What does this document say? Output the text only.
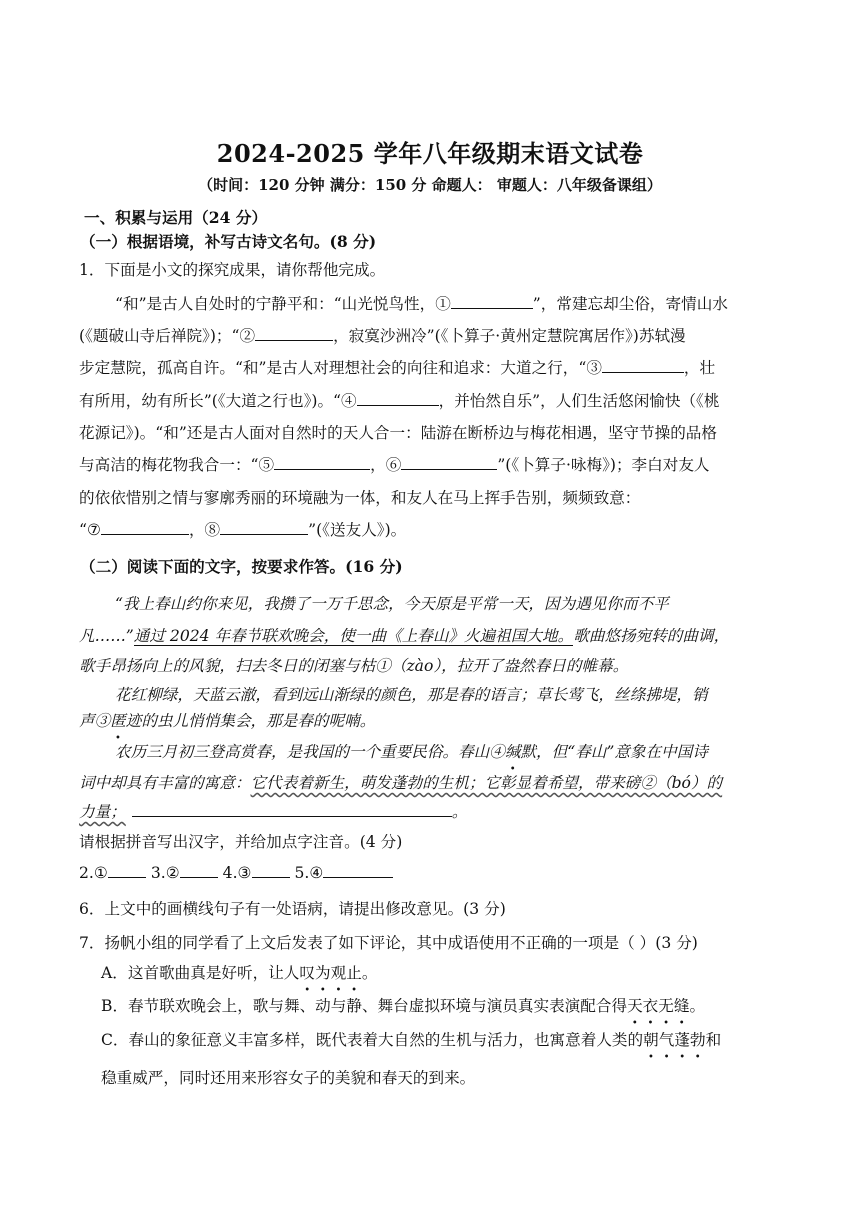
2024-2025 学年八年级期末语文试卷
（时间：120 分钟 满分：150 分 命题人： 审题人：八年级备课组）
一、积累与运用（24 分）
（一）根据语境，补写古诗文名句。(8 分)
1．下面是小文的探究成果，请你帮他完成。
“和”是古人自处时的宁静平和：“山光悦鸟性，①	”，常建忘却尘俗，寄情山水
(《题破山寺后禅院》)；“②	，寂寞沙洲冷”(《卜算子·黄州定慧院寓居作》)苏轼漫
步定慧院，孤高自许。“和”是古人对理想社会的向往和追求：大道之行，“③	，壮
有所用，幼有所长”(《大道之行也》)。“④	，并怡然自乐”，人们生活悠闲愉快（《桃
花源记》)。“和”还是古人面对自然时的天人合一：陆游在断桥边与梅花相遇，坚守节操的品格
与高洁的梅花物我合一：“⑤	，⑥	”(《卜算子·咏梅》)；李白对友人
的依依惜别之情与寥廓秀丽的环境融为一体，和友人在马上挥手告别，频频致意：
“⑦	，⑧	”(《送友人》)。
（二）阅读下面的文字，按要求作答。(16 分)
“我上春山约你来见，我攒了一万千思念，今天原是平常一天，因为遇见你而不平
凡……”通过 2024 年春节联欢晚会，使一曲《上春山》火遍祖国大地。歌曲悠扬宛转的曲调，
歌手昂扬向上的风貌，扫去冬日的闭塞与枯①（zào），拉开了盎然春日的帷幕。
花红柳绿，天蓝云澈，看到远山渐绿的颜色，那是春的语言；草长莺飞，丝绦拂堤，销
声③匿迹的虫儿悄悄集会，那是春的呢喃。
农历三月初三登高赏春，是我国的一个重要民俗。春山④缄默，但“春山”意象在中国诗
词中却具有丰富的寓意：它代表着新生，萌发蓬勃的生机；它彰显着希望，带来磅②（bó）的
力量；	。
请根据拼音写出汉字，并给加点字注音。(4 分)
2.① 3.② 4.③ 5.④
6．上文中的画横线句子有一处语病，请提出修改意见。(3 分)
7．扬帆小组的同学看了上文后发表了如下评论，其中成语使用不正确的一项是（ ）(3 分)
A．这首歌曲真是好听，让人叹为观止。
B．春节联欢晚会上，歌与舞、动与静、舞台虚拟环境与演员真实表演配合得天衣无缝。
C．春山的象征意义丰富多样，既代表着大自然的生机与活力，也寓意着人类的朝气蓬勃和
稳重威严，同时还用来形容女子的美貌和春天的到来。
